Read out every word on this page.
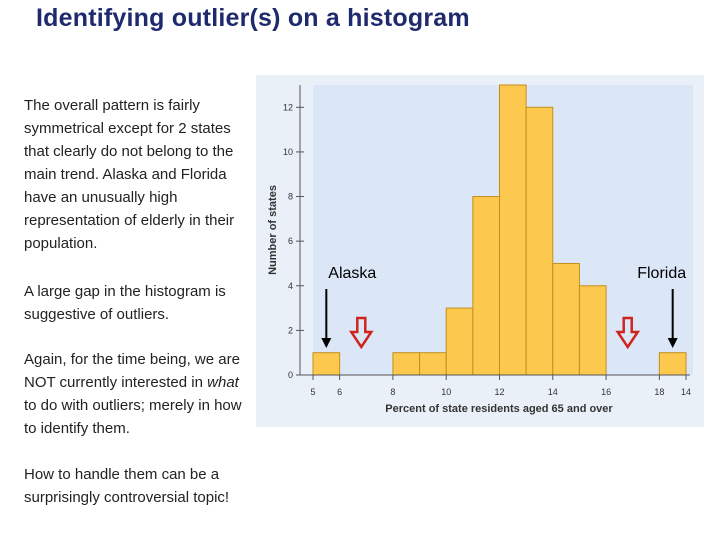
Identifying outlier(s) on a histogram
The overall pattern is fairly symmetrical except for 2 states that clearly do not belong to the main trend. Alaska and Florida have an unusually high representation of elderly in their population.
A large gap in the histogram is suggestive of outliers.
Again, for the time being, we are NOT currently interested in what to do with outliers; merely in how to identify them.
How to handle them can be a surprisingly controversial topic!
0
2
4
6
8
10
12
5 6	8	10	12	14	16	18 14
Number of states
Percent of state residents aged 65 and over
Alaska	Florida
